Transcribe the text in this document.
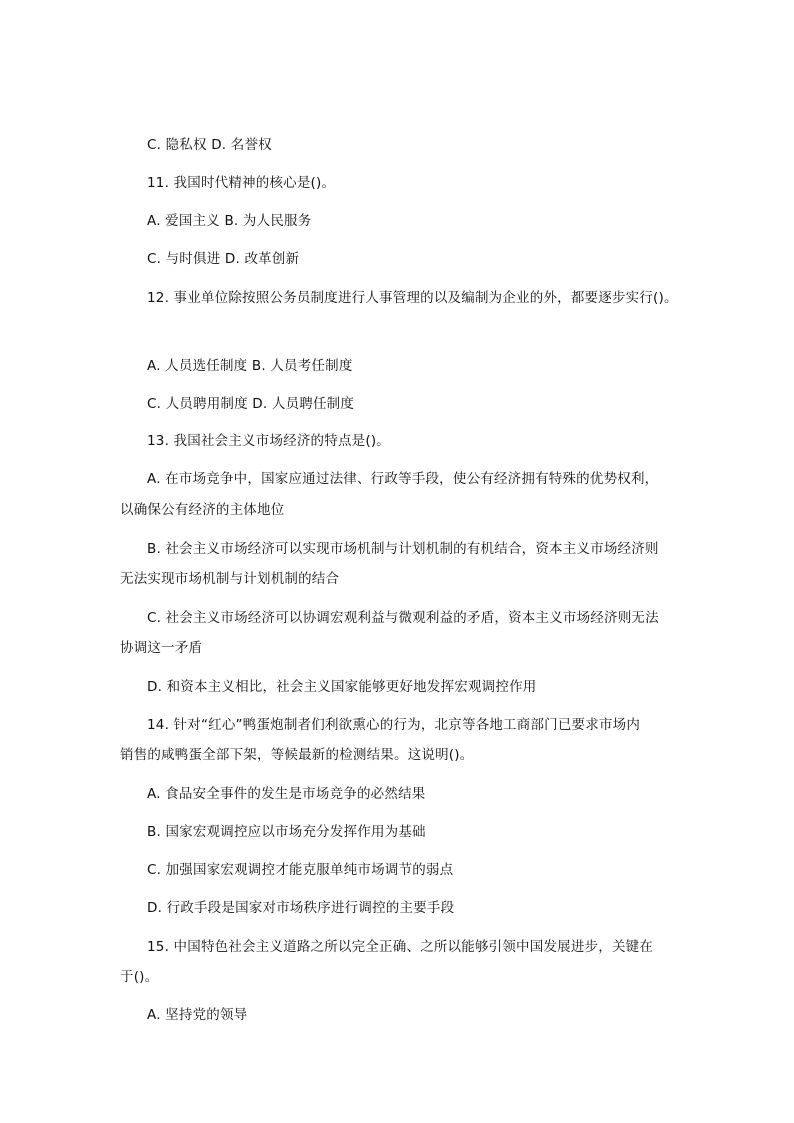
C. 隐私权 D. 名誉权
11. 我国时代精神的核心是()。
A. 爱国主义 B. 为人民服务
C. 与时俱进 D. 改革创新
12. 事业单位除按照公务员制度进行人事管理的以及编制为企业的外，都要逐步实行()。
A. 人员选任制度 B. 人员考任制度
C. 人员聘用制度 D. 人员聘任制度
13. 我国社会主义市场经济的特点是()。
A. 在市场竞争中，国家应通过法律、行政等手段，使公有经济拥有特殊的优势权利，
以确保公有经济的主体地位
B. 社会主义市场经济可以实现市场机制与计划机制的有机结合，资本主义市场经济则
无法实现市场机制与计划机制的结合
C. 社会主义市场经济可以协调宏观利益与微观利益的矛盾，资本主义市场经济则无法
协调这一矛盾
D. 和资本主义相比，社会主义国家能够更好地发挥宏观调控作用
14. 针对“红心”鸭蛋炮制者们利欲熏心的行为，北京等各地工商部门已要求市场内
销售的咸鸭蛋全部下架，等候最新的检测结果。这说明()。
A. 食品安全事件的发生是市场竞争的必然结果
B. 国家宏观调控应以市场充分发挥作用为基础
C. 加强国家宏观调控才能克服单纯市场调节的弱点
D. 行政手段是国家对市场秩序进行调控的主要手段
15. 中国特色社会主义道路之所以完全正确、之所以能够引领中国发展进步，关键在
于()。
A. 坚持党的领导
